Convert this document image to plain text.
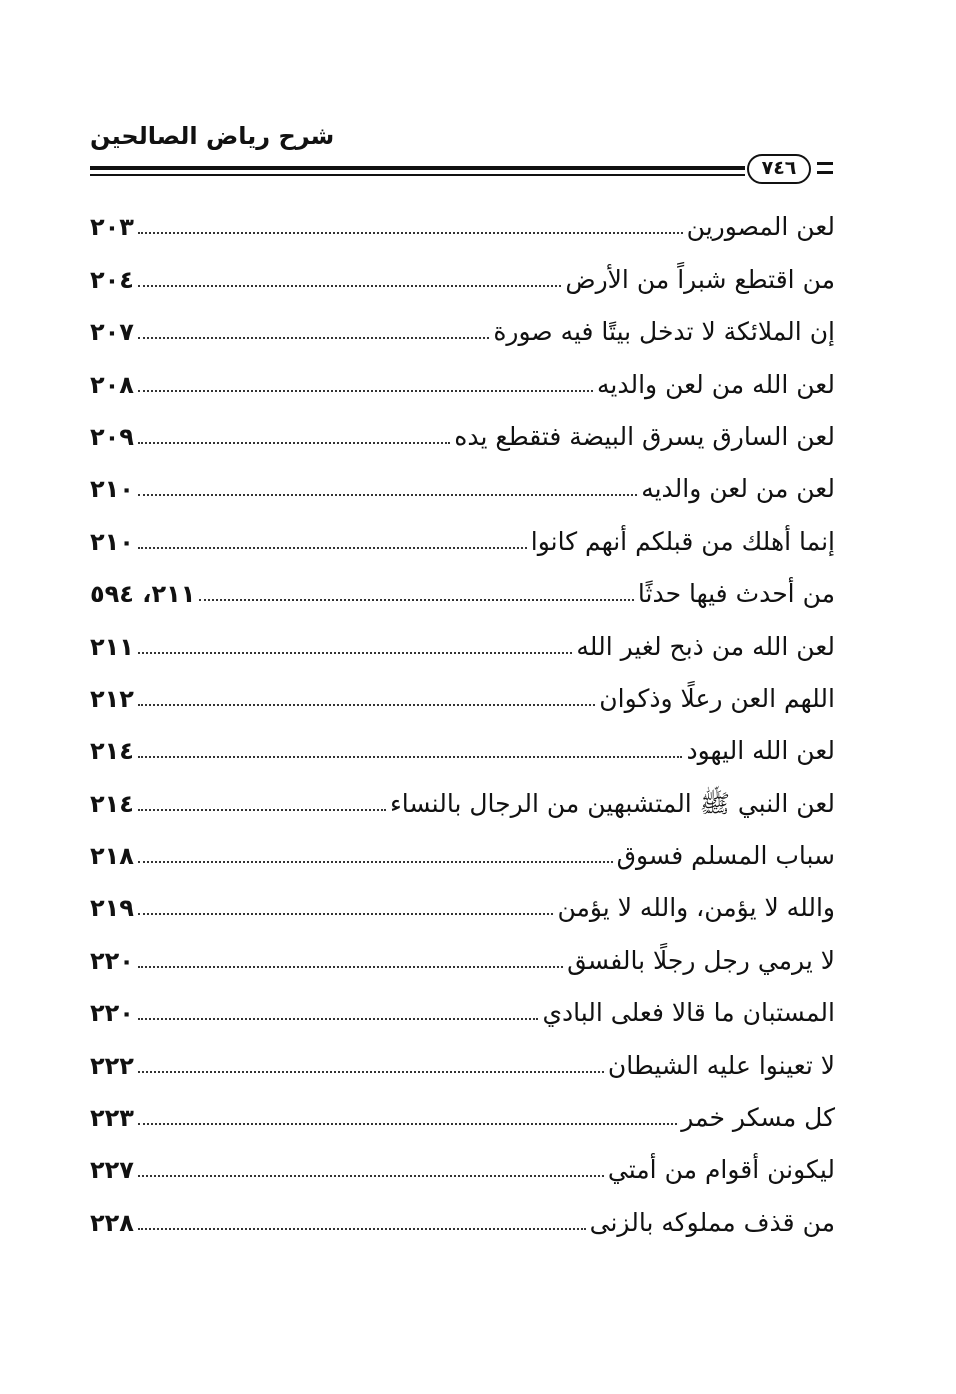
شرح رياض الصالحين
٧٤٦
لعن المصورين
٢٠٣
من اقتطع شبراً من الأرض
٢٠٤
إن الملائكة لا تدخل بيتًا فيه صورة
٢٠٧
لعن الله من لعن والديه
٢٠٨
لعن السارق يسرق البيضة فتقطع يده
٢٠٩
لعن من لعن والديه
٢١٠
إنما أهلك من قبلكم أنهم كانوا
٢١٠
من أحدث فيها حدثًا
٢١١، ٥٩٤
لعن الله من ذبح لغير الله
٢١١
اللهم العن رعلًا وذكوان
٢١٢
لعن الله اليهود
٢١٤
لعن النبي ﷺ المتشبهين من الرجال بالنساء
٢١٤
سباب المسلم فسوق
٢١٨
والله لا يؤمن، والله لا يؤمن
٢١٩
لا يرمي رجل رجلًا بالفسق
٢٢٠
المستبان ما قالا فعلى البادي
٢٢٠
لا تعينوا عليه الشيطان
٢٢٢
كل مسكر خمر
٢٢٣
ليكونن أقوام من أمتي
٢٢٧
من قذف مملوكه بالزنى
٢٢٨
